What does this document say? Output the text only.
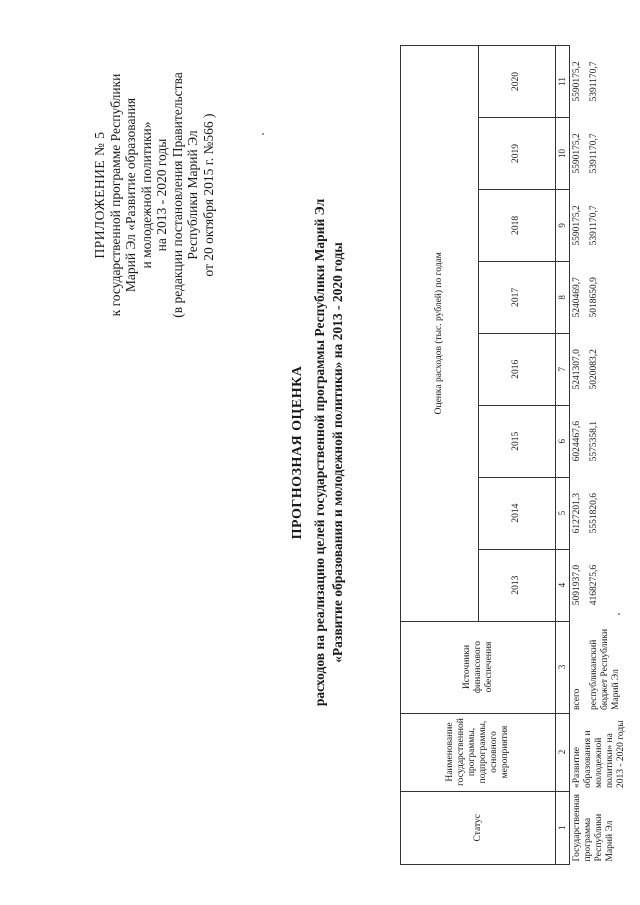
ПРИЛОЖЕНИЕ № 5 к государственной программе Республики Марий Эл «Развитие образования и молодежной политики» на 2013 - 2020 годы (в редакции постановления Правительства Республики Марий Эл от 20 октября 2015 г. №566 )
ПРОГНОЗНАЯ ОЦЕНКА расходов на реализацию целей государственной программы Республики Марий Эл «Развитие образования и молодежной политики» на 2013 - 2020 годы
Статус	Наименование государственной программы, подпрограммы, основного мероприятия	Источники финансового обеспечения	Оценка расходов (тыс. рублей) по годам							
			2013	2014	2015	2016	2017	2018	2019	2020
1	2	3	4	5	6	7	8	9	10	11
Государственная программа Республики Марий Эл	«Развитие образования и молодежной политики» на 2013 - 2020 годы	всего	5091937,0	6127201,3	6024467,6	5241307,0	5240469,7	5590175,2	5590175,2	5590175,2
		республиканский бюджет Республики Марий Эл	4168275,6	5551820,6	5575358,1	5020083,2	5018650,9	5391170,7	5391170,7	5391170,7
